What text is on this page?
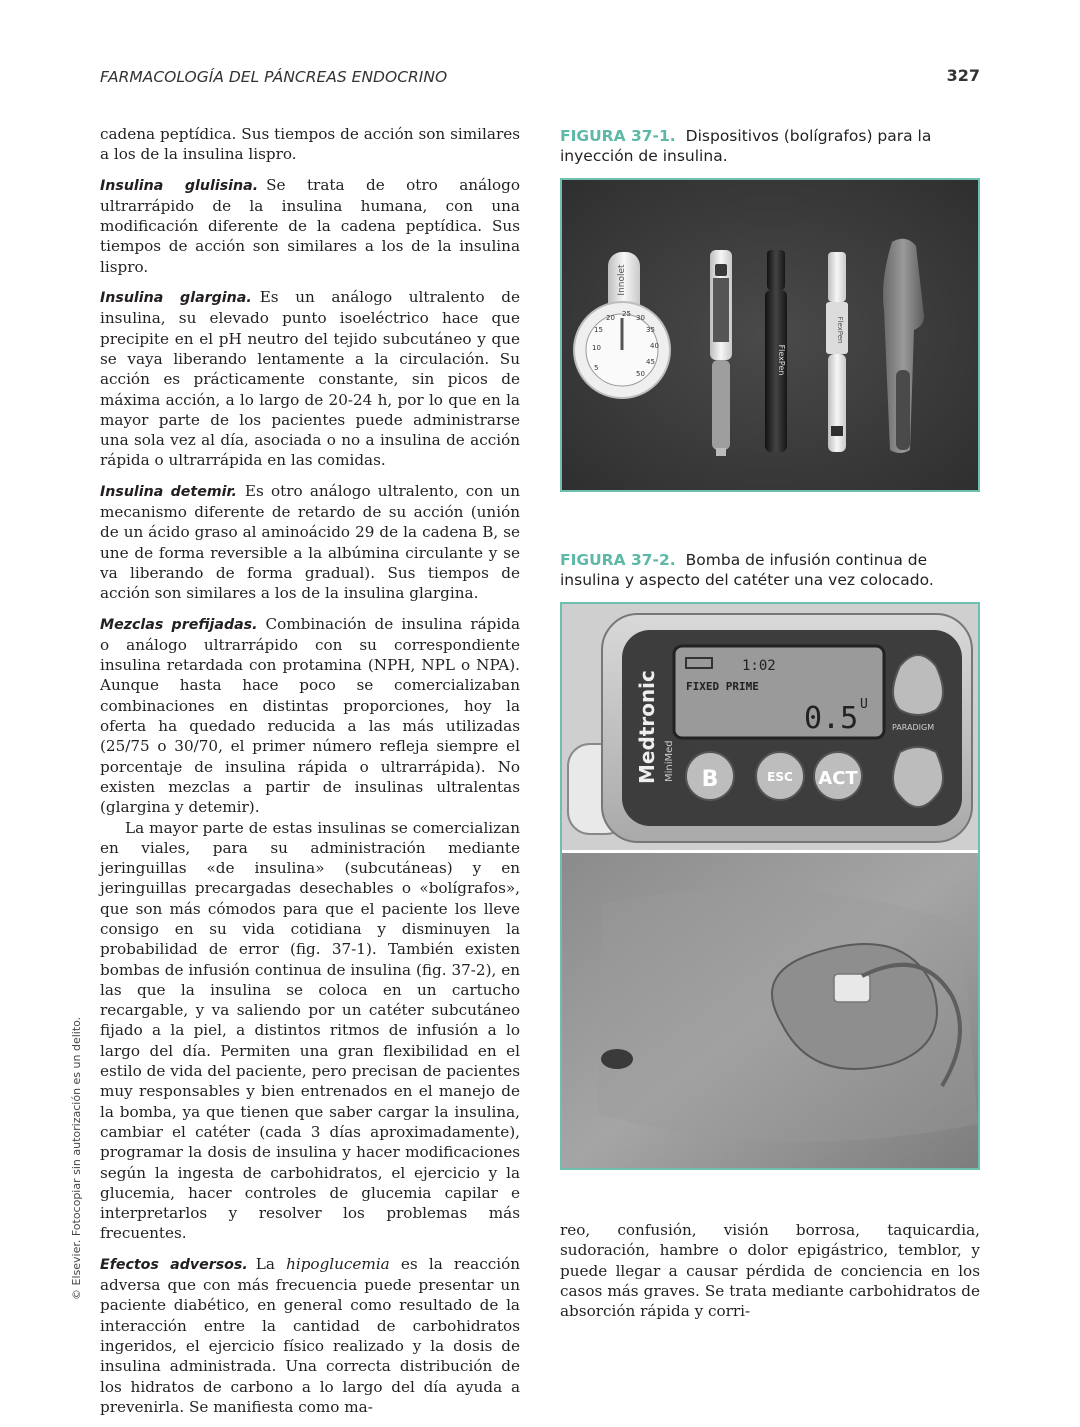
FARMACOLOGÍA DEL PÁNCREAS ENDOCRINO	327
© Elsevier. Fotocopiar sin autorización es un delito.

cadena peptídica. Sus tiempos de acción son similares a los de la insulina lispro.

Insulina glulisina. Se trata de otro análogo ultrarrápido de la insulina humana, con una modificación diferente de la cadena peptídica. Sus tiempos de acción son similares a los de la insulina lispro.

Insulina glargina. Es un análogo ultralento de insulina, su elevado punto isoeléctrico hace que precipite en el pH neutro del tejido subcutáneo y que se vaya liberando lentamente a la circulación. Su acción es prácticamente constante, sin picos de máxima acción, a lo largo de 20-24 h, por lo que en la mayor parte de los pacientes puede administrarse una sola vez al día, asociada o no a insulina de acción rápida o ultrarrápida en las comidas.

Insulina detemir. Es otro análogo ultralento, con un mecanismo diferente de retardo de su acción (unión de un ácido graso al aminoácido 29 de la cadena B, se une de forma reversible a la albúmina circulante y se va liberando de forma gradual). Sus tiempos de acción son similares a los de la insulina glargina.

Mezclas prefijadas. Combinación de insulina rápida o análogo ultrarrápido con su correspondiente insulina retardada con protamina (NPH, NPL o NPA). Aunque hasta hace poco se comercializaban combinaciones en distintas proporciones, hoy la oferta ha quedado reducida a las más utilizadas (25/75 o 30/70, el primer número refleja siempre el porcentaje de insulina rápida o ultrarrápida). No existen mezclas a partir de insulinas ultralentas (glargina y detemir).

La mayor parte de estas insulinas se comercializan en viales, para su administración mediante jeringuillas «de insulina» (subcutáneas) y en jeringuillas precargadas desechables o «bolígrafos», que son más cómodos para que el paciente los lleve consigo en su vida cotidiana y disminuyen la probabilidad de error (fig. 37-1). También existen bombas de infusión continua de insulina (fig. 37-2), en las que la insulina se coloca en un cartucho recargable, y va saliendo por un catéter subcutáneo fijado a la piel, a distintos ritmos de infusión a lo largo del día. Permiten una gran flexibilidad en el estilo de vida del paciente, pero precisan de pacientes muy responsables y bien entrenados en el manejo de la bomba, ya que tienen que saber cargar la insulina, cambiar el catéter (cada 3 días aproximadamente), programar la dosis de insulina y hacer modificaciones según la ingesta de carbohidratos, el ejercicio y la glucemia, hacer controles de glucemia capilar e interpretarlos y resolver los problemas más frecuentes.

Efectos adversos. La hipoglucemia es la reacción adversa que con más frecuencia puede presentar un paciente diabético, en general como resultado de la interacción entre la cantidad de carbohidratos ingeridos, el ejercicio físico realizado y la dosis de insulina administrada. Una correcta distribución de los hidratos de carbono a lo largo del día ayuda a prevenirla. Se manifiesta como ma-

FIGURA 37-1. Dispositivos (bolígrafos) para la inyección de insulina.
Innolet
5
10
15
20 25 30
35
40
45
50	FlexPen
FlexPen
FIGURA 37-2. Bomba de infusión continua de insulina y aspecto del catéter una vez colocado.
Medtronic MiniMed
1:02
FIXED PRIME
0.5 U
PARADIGM
B	ESC ACT

reo, confusión, visión borrosa, taquicardia, sudoración, hambre o dolor epigástrico, temblor, y puede llegar a causar pérdida de conciencia en los casos más graves. Se trata mediante carbohidratos de absorción rápida y corri-
